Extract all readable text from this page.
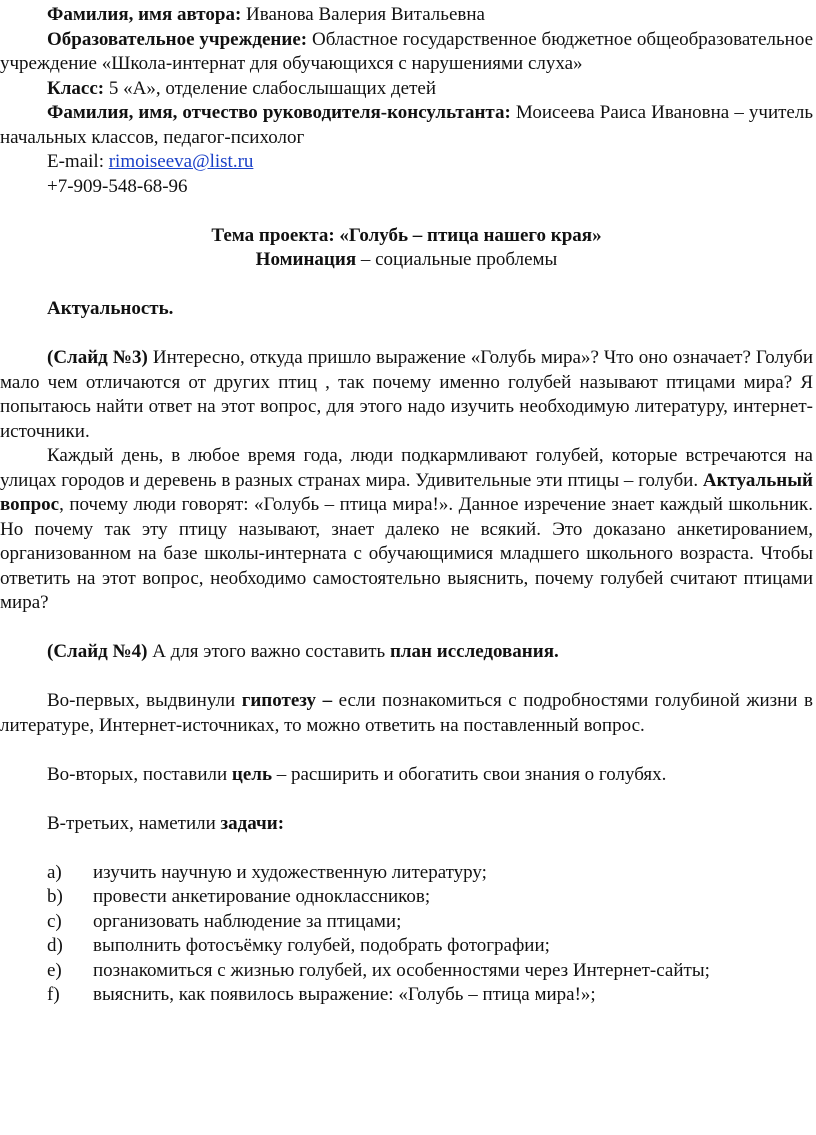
Фамилия, имя автора: Иванова Валерия Витальевна

Образовательное учреждение: Областное государственное бюджетное общеобразовательное учреждение «Школа-интернат для обучающихся с нарушениями слуха»

Класс: 5 «А», отделение слабослышащих детей

Фамилия, имя, отчество руководителя-консультанта: Моисеева Раиса Ивановна – учитель начальных классов, педагог-психолог

E-mail: rimoiseeva@list.ru

+7-909-548-68-96

Тема проекта: «Голубь – птица нашего края»

Номинация – социальные проблемы

Актуальность.

(Слайд №3) Интересно, откуда пришло выражение «Голубь мира»? Что оно означает? Голуби мало чем отличаются от других птиц , так почему именно голубей называют птицами мира? Я попытаюсь найти ответ на этот вопрос, для этого надо изучить необходимую литературу, интернет-источники.

Каждый день, в любое время года, люди подкармливают голубей, которые встречаются на улицах городов и деревень в разных странах мира. Удивительные эти птицы – голуби. Актуальный вопрос, почему люди говорят: «Голубь – птица мира!». Данное изречение знает каждый школьник. Но почему так эту птицу называют, знает далеко не всякий. Это доказано анкетированием, организованном на базе школы-интерната с обучающимися младшего школьного возраста. Чтобы ответить на этот вопрос, необходимо самостоятельно выяснить, почему голубей считают птицами мира?

(Слайд №4) А для этого важно составить план исследования.

Во-первых, выдвинули гипотезу – если познакомиться с подробностями голубиной жизни в литературе, Интернет-источниках, то можно ответить на поставленный вопрос.

Во-вторых, поставили цель – расширить и обогатить свои знания о голубях.

В-третьих, наметили задачи:

a) изучить научную и художественную литературу;
b) провести анкетирование одноклассников;
c) организовать наблюдение за птицами;
d) выполнить фотосъёмку голубей, подобрать фотографии;
e) познакомиться с жизнью голубей, их особенностями через Интернет-сайты;
f) выяснить, как появилось выражение: «Голубь – птица мира!»;
